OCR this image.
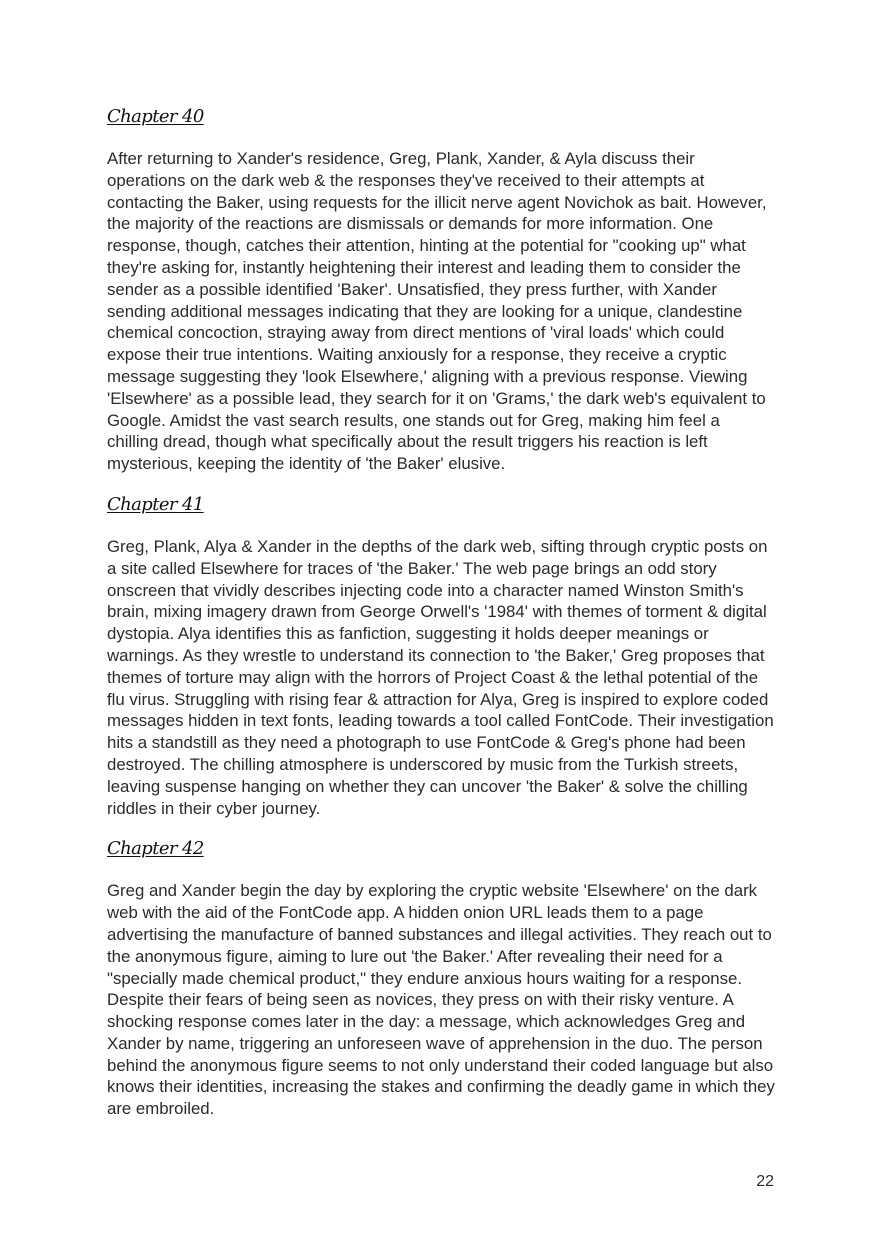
Chapter 40

After returning to Xander's residence, Greg, Plank, Xander, & Ayla discuss their operations on the dark web & the responses they've received to their attempts at contacting the Baker, using requests for the illicit nerve agent Novichok as bait. However, the majority of the reactions are dismissals or demands for more information. One response, though, catches their attention, hinting at the potential for "cooking up" what they're asking for, instantly heightening their interest and leading them to consider the sender as a possible identified 'Baker'. Unsatisfied, they press further, with Xander sending additional messages indicating that they are looking for a unique, clandestine chemical concoction, straying away from direct mentions of 'viral loads' which could expose their true intentions. Waiting anxiously for a response, they receive a cryptic message suggesting they 'look Elsewhere,' aligning with a previous response. Viewing 'Elsewhere' as a possible lead, they search for it on 'Grams,' the dark web's equivalent to Google. Amidst the vast search results, one stands out for Greg, making him feel a chilling dread, though what specifically about the result triggers his reaction is left mysterious, keeping the identity of 'the Baker' elusive.

Chapter 41

Greg, Plank, Alya & Xander in the depths of the dark web, sifting through cryptic posts on a site called Elsewhere for traces of 'the Baker.' The web page brings an odd story onscreen that vividly describes injecting code into a character named Winston Smith's brain, mixing imagery drawn from George Orwell's '1984' with themes of torment & digital dystopia. Alya identifies this as fanfiction, suggesting it holds deeper meanings or warnings. As they wrestle to understand its connection to 'the Baker,' Greg proposes that themes of torture may align with the horrors of Project Coast & the lethal potential of the flu virus. Struggling with rising fear & attraction for Alya, Greg is inspired to explore coded messages hidden in text fonts, leading towards a tool called FontCode. Their investigation hits a standstill as they need a photograph to use FontCode & Greg's phone had been destroyed. The chilling atmosphere is underscored by music from the Turkish streets, leaving suspense hanging on whether they can uncover 'the Baker' & solve the chilling riddles in their cyber journey.

Chapter 42

Greg and Xander begin the day by exploring the cryptic website 'Elsewhere' on the dark web with the aid of the FontCode app. A hidden onion URL leads them to a page advertising the manufacture of banned substances and illegal activities. They reach out to the anonymous figure, aiming to lure out 'the Baker.' After revealing their need for a "specially made chemical product," they endure anxious hours waiting for a response. Despite their fears of being seen as novices, they press on with their risky venture. A shocking response comes later in the day: a message, which acknowledges Greg and Xander by name, triggering an unforeseen wave of apprehension in the duo. The person behind the anonymous figure seems to not only understand their coded language but also knows their identities, increasing the stakes and confirming the deadly game in which they are embroiled.

22
